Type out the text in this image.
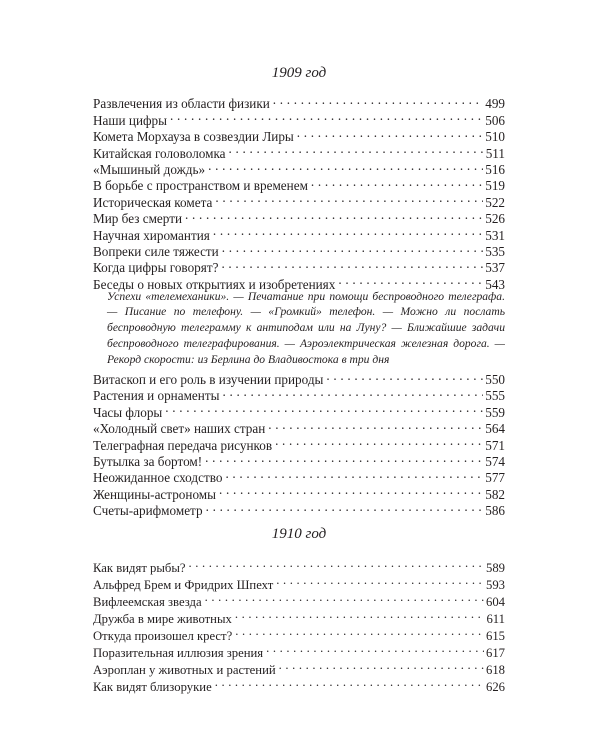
1909 год
Развлечения из области физики . . .	499
Наши цифры . . .	506
Комета Морхауза в созвездии Лиры . . .	510
Китайская головоломка . . .	511
«Мышиный дождь» . . .	516
В борьбе с пространством и временем . . .	519
Историческая комета . . .	522
Мир без смерти . . .	526
Научная хиромантия . . .	531
Вопреки силе тяжести . . .	535
Когда цифры говорят? . . .	537
Беседы о новых открытиях и изобретениях . . .	543

Успехи «телемеханики». — Печатание при помощи беспроводного телеграфа. — Писание по телефону. — «Громкий» телефон. — Можно ли послать беспроводную телеграмму к антиподам или на Луну? — Ближайшие задачи беспроводного телеграфирования. — Аэроэлектрическая железная дорога. — Рекорд скорости: из Берлина до Владивостока в три дня

Витаскоп и его роль в изучении природы . . .	550
Растения и орнаменты . . .	555
Часы флоры . . .	559
«Холодный свет» наших стран . . .	564
Телеграфная передача рисунков . . .	571
Бутылка за бортом! . . .	574
Неожиданное сходство . . .	577
Женщины-астрономы . . .	582
Счеты-арифмометр . . .	586
1910 год
Как видят рыбы? . . .	589
Альфред Брем и Фридрих Шпехт . . .	593
Вифлеемская звезда . . .	604
Дружба в мире животных . . .	611
Откуда произошел крест? . . .	615
Поразительная иллюзия зрения . . .	617
Аэроплан у животных и растений . . .	618
Как видят близорукие . . .	626
